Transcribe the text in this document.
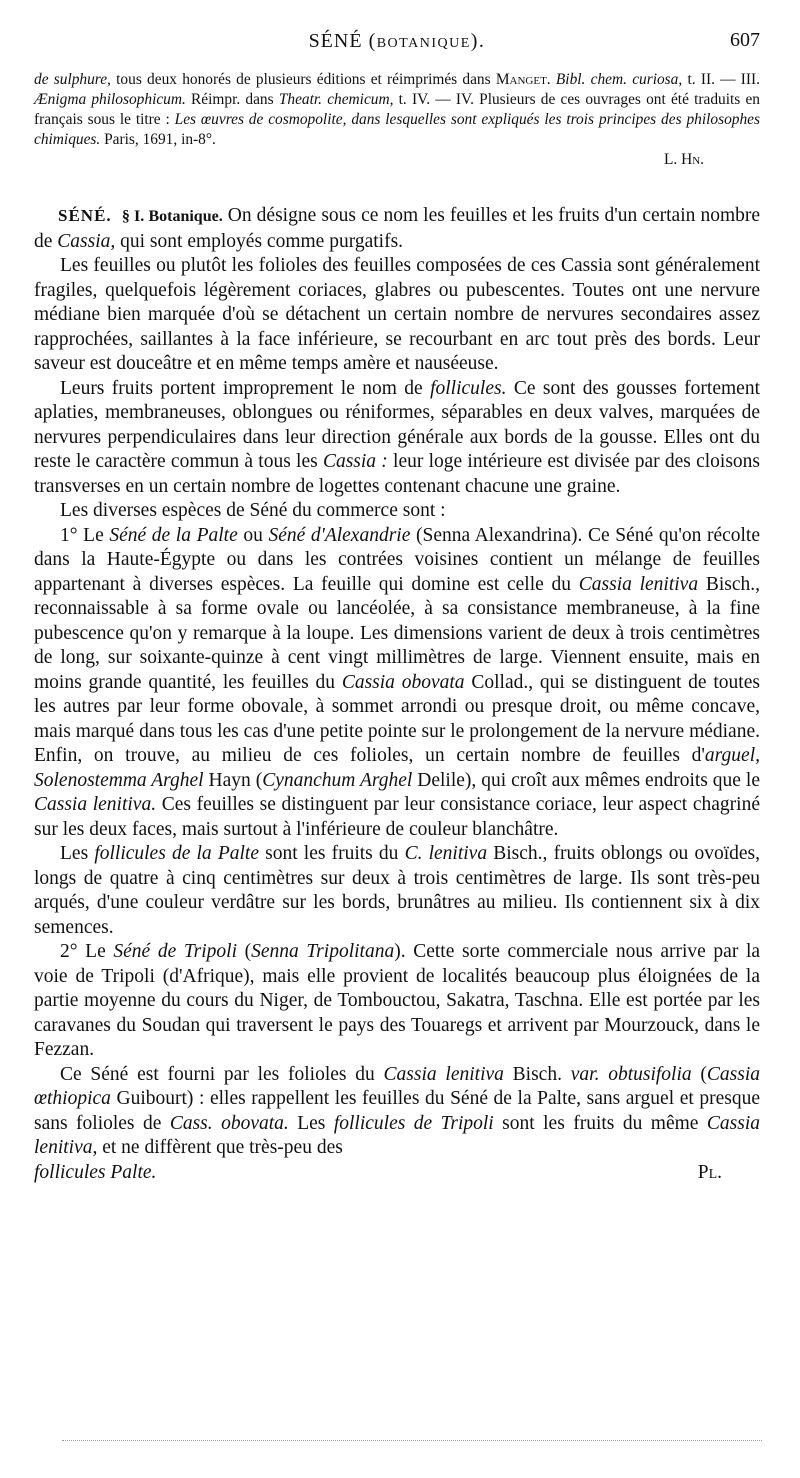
SÉNÉ (botanique).	607
de sulphure, tous deux honorés de plusieurs éditions et réimprimés dans Manget. Bibl. chem. curiosa, t. II. — III. Ænigma philosophicum. Réimpr. dans Theatr. chemicum, t. IV. — IV. Plusieurs de ces ouvrages ont été traduits en français sous le titre : Les œuvres de cosmopolite, dans lesquelles sont expliqués les trois principes des philosophes chimiques. Paris, 1691, in-8°.
L. Hn.

SÉNÉ. § I. Botanique. On désigne sous ce nom les feuilles et les fruits d'un certain nombre de Cassia, qui sont employés comme purgatifs.

Les feuilles ou plutôt les folioles des feuilles composées de ces Cassia sont généralement fragiles, quelquefois légèrement coriaces, glabres ou pubescentes. Toutes ont une nervure médiane bien marquée d'où se détachent un certain nombre de nervures secondaires assez rapprochées, saillantes à la face inférieure, se recourbant en arc tout près des bords. Leur saveur est douceâtre et en même temps amère et nauséeuse.

Leurs fruits portent improprement le nom de follicules. Ce sont des gousses fortement aplaties, membraneuses, oblongues ou réniformes, séparables en deux valves, marquées de nervures perpendiculaires dans leur direction générale aux bords de la gousse. Elles ont du reste le caractère commun à tous les Cassia : leur loge intérieure est divisée par des cloisons transverses en un certain nombre de logettes contenant chacune une graine.

Les diverses espèces de Séné du commerce sont :

1° Le Séné de la Palte ou Séné d'Alexandrie (Senna Alexandrina). Ce Séné qu'on récolte dans la Haute-Égypte ou dans les contrées voisines contient un mélange de feuilles appartenant à diverses espèces. La feuille qui domine est celle du Cassia lenitiva Bisch., reconnaissable à sa forme ovale ou lancéolée, à sa consistance membraneuse, à la fine pubescence qu'on y remarque à la loupe. Les dimensions varient de deux à trois centimètres de long, sur soixante-quinze à cent vingt millimètres de large. Viennent ensuite, mais en moins grande quantité, les feuilles du Cassia obovata Collad., qui se distinguent de toutes les autres par leur forme obovale, à sommet arrondi ou presque droit, ou même concave, mais marqué dans tous les cas d'une petite pointe sur le prolongement de la nervure médiane. Enfin, on trouve, au milieu de ces folioles, un certain nombre de feuilles d'arguel, Solenostemma Arghel Hayn (Cynanchum Arghel Delile), qui croît aux mêmes endroits que le Cassia lenitiva. Ces feuilles se distinguent par leur consistance coriace, leur aspect chagriné sur les deux faces, mais surtout à l'inférieure de couleur blanchâtre.

Les follicules de la Palte sont les fruits du C. lenitiva Bisch., fruits oblongs ou ovoïdes, longs de quatre à cinq centimètres sur deux à trois centimètres de large. Ils sont très-peu arqués, d'une couleur verdâtre sur les bords, brunâtres au milieu. Ils contiennent six à dix semences.

2° Le Séné de Tripoli (Senna Tripolitana). Cette sorte commerciale nous arrive par la voie de Tripoli (d'Afrique), mais elle provient de localités beaucoup plus éloignées de la partie moyenne du cours du Niger, de Tombouctou, Sakatra, Taschna. Elle est portée par les caravanes du Soudan qui traversent le pays des Touaregs et arrivent par Mourzouck, dans le Fezzan.

Ce Séné est fourni par les folioles du Cassia lenitiva Bisch. var. obtusifolia (Cassia œthiopica Guibourt) : elles rappellent les feuilles du Séné de la Palte, sans arguel et presque sans folioles de Cass. obovata. Les follicules de Tripoli sont les fruits du même Cassia lenitiva, et ne diffèrent que très-peu des

follicules Palte.	Pl.
